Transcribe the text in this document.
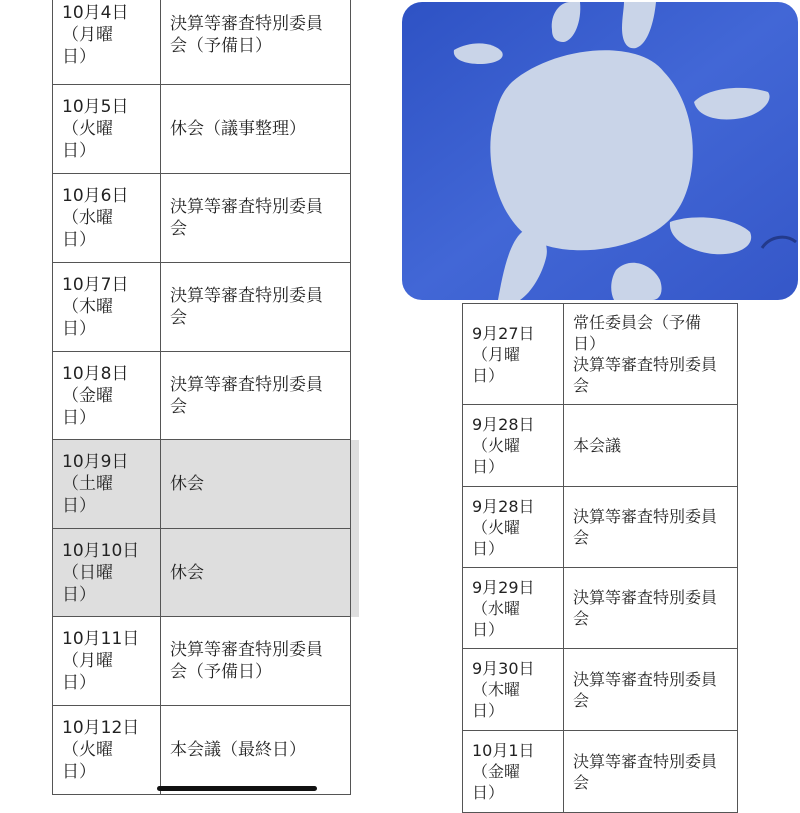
10月4日
（月曜
日）	決算等審査特別委員
会（予備日）	
10月5日
（火曜
日）	休会（議事整理）	
10月6日
（水曜
日）	決算等審査特別委員
会	
10月7日
（木曜
日）	決算等審査特別委員
会	
10月8日
（金曜
日）	決算等審査特別委員
会	
10月9日
（土曜
日）	休会	
10月10日
（日曜
日）	休会	
10月11日
（月曜
日）	決算等審査特別委員
会（予備日）	
10月12日
（火曜
日）	本会議（最終日）	
9月27日
（月曜
日）	常任委員会（予備
日）
決算等審査特別委員
会	
9月28日
（火曜
日）	本会議	
9月28日
（火曜
日）	決算等審査特別委員
会	
9月29日
（水曜
日）	決算等審査特別委員
会	
9月30日
（木曜
日）	決算等審査特別委員
会	
10月1日
（金曜
日）	決算等審査特別委員
会	
